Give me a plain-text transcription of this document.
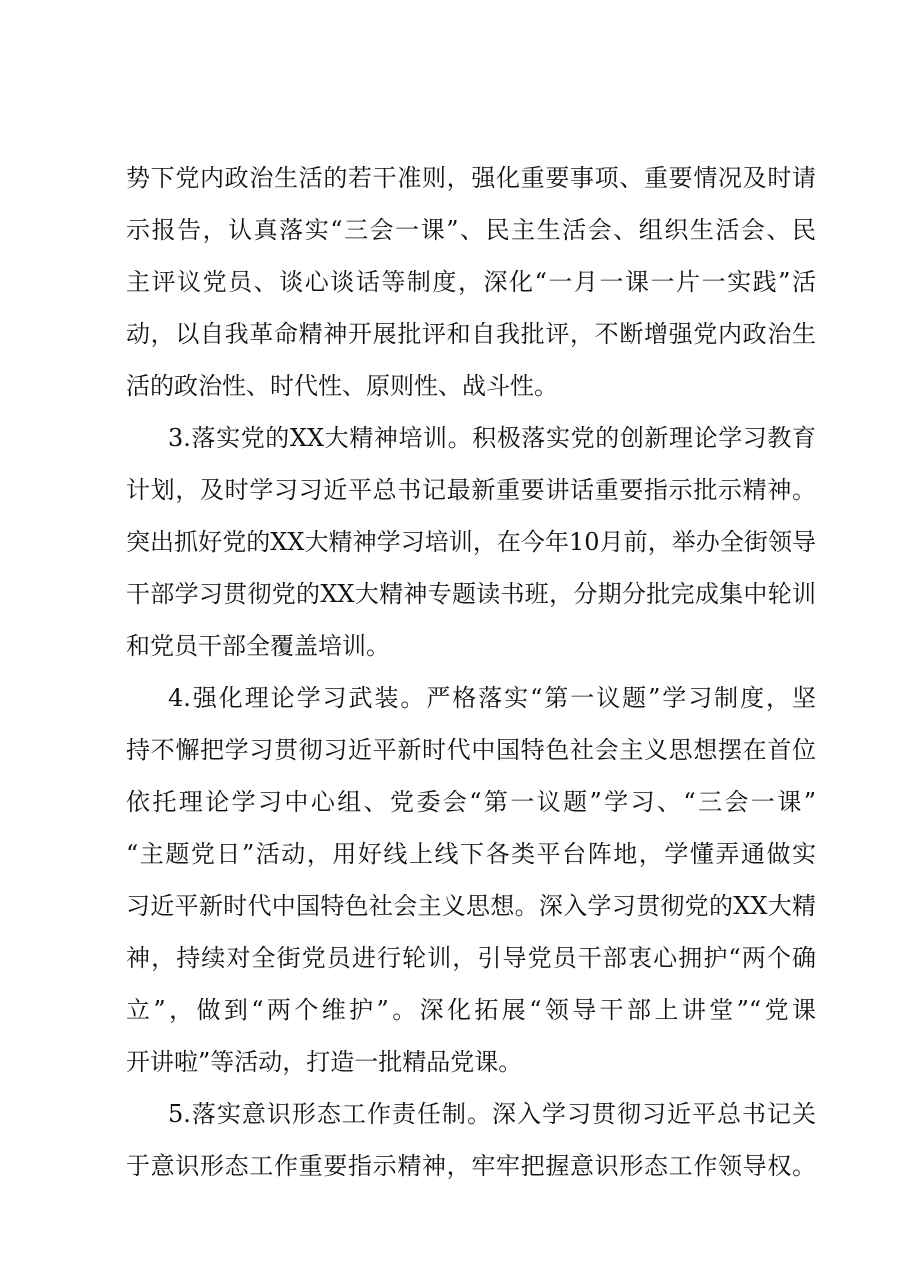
势下党内政治生活的若干准则，强化重要事项、重要情况及时请
示报告，认真落实“三会一课”、民主生活会、组织生活会、民
主评议党员、谈心谈话等制度，深化“一月一课一片一实践”活
动，以自我革命精神开展批评和自我批评，不断增强党内政治生
活的政治性、时代性、原则性、战斗性。
3.落实党的XX大精神培训。积极落实党的创新理论学习教育
计划，及时学习习近平总书记最新重要讲话重要指示批示精神。
突出抓好党的XX大精神学习培训，在今年10月前，举办全街领导
干部学习贯彻党的XX大精神专题读书班，分期分批完成集中轮训
和党员干部全覆盖培训。
4.强化理论学习武装。严格落实“第一议题”学习制度，坚
持不懈把学习贯彻习近平新时代中国特色社会主义思想摆在首位
依托理论学习中心组、党委会“第一议题”学习、“三会一课”
“主题党日”活动，用好线上线下各类平台阵地，学懂弄通做实
习近平新时代中国特色社会主义思想。深入学习贯彻党的XX大精
神，持续对全街党员进行轮训，引导党员干部衷心拥护“两个确
立”，做到“两个维护”。深化拓展“领导干部上讲堂”“党课
开讲啦”等活动，打造一批精品党课。
5.落实意识形态工作责任制。深入学习贯彻习近平总书记关
于意识形态工作重要指示精神，牢牢把握意识形态工作领导权。
